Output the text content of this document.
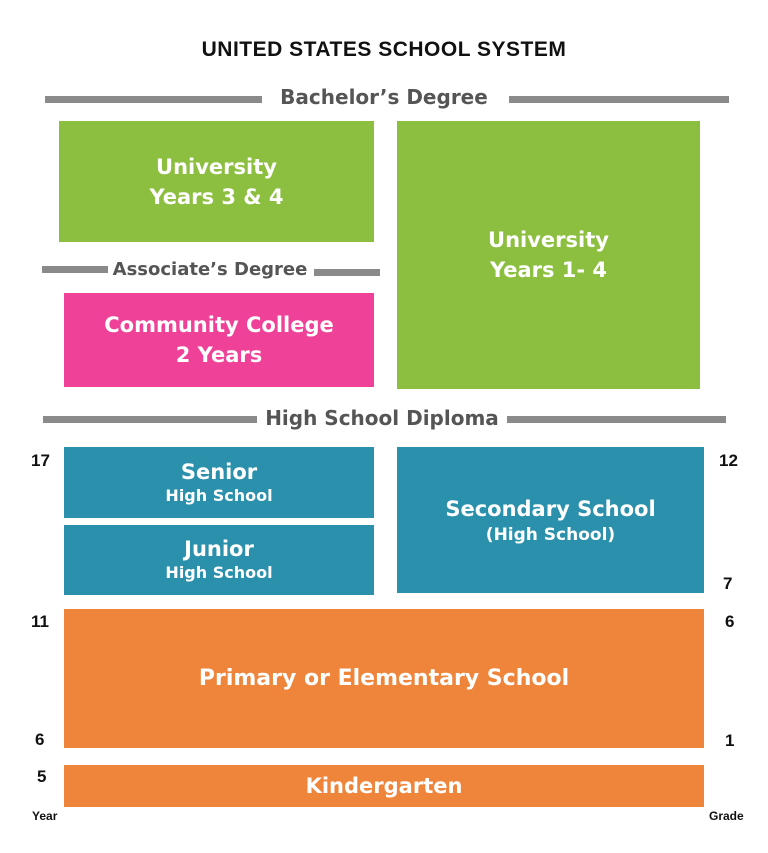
UNITED STATES SCHOOL SYSTEM
Bachelor’s Degree
University
Years 3 & 4
University
Years 1- 4
Associate’s Degree
Community College
2 Years
High School Diploma
17	12
Senior
High School
Junior
High School
Secondary School
(High School)
7
11	6
Primary or Elementary School
6	1
5	Kindergarten
Year	Grade
